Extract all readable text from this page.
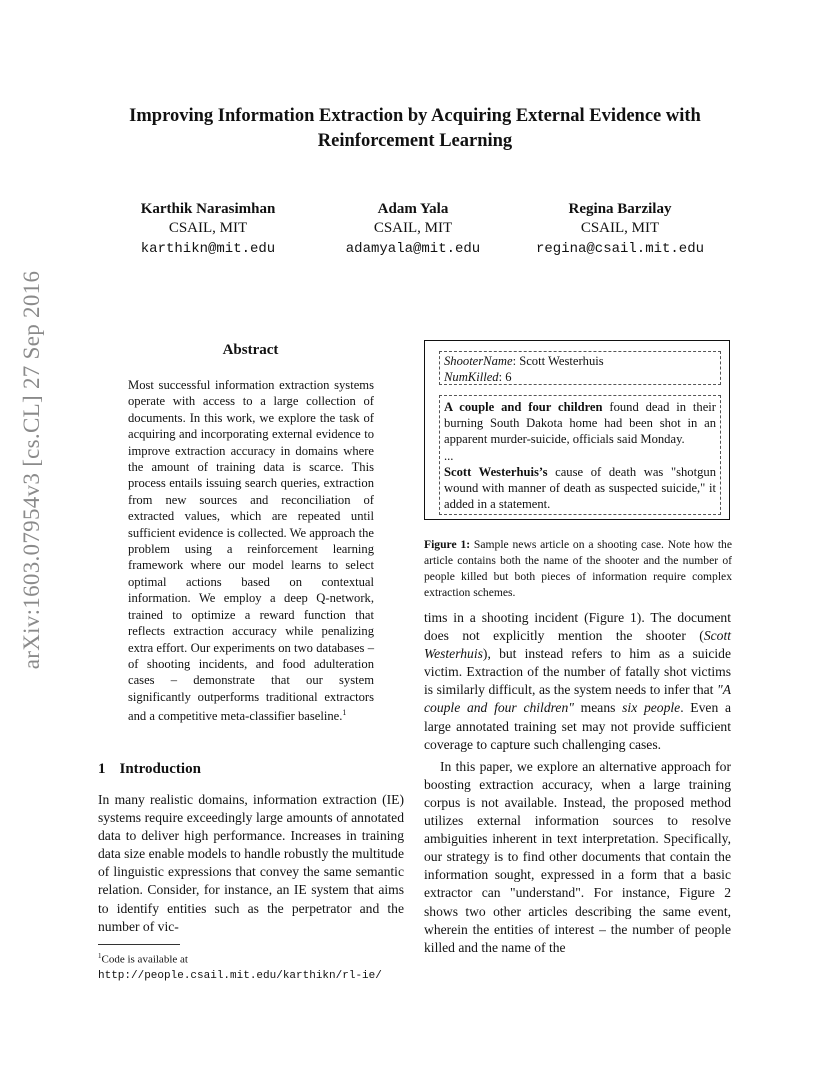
arXiv:1603.07954v3 [cs.CL] 27 Sep 2016
Improving Information Extraction by Acquiring External Evidence with Reinforcement Learning
Karthik Narasimhan
CSAIL, MIT
karthikn@mit.edu
Adam Yala
CSAIL, MIT
adamyala@mit.edu
Regina Barzilay
CSAIL, MIT
regina@csail.mit.edu
Abstract
Most successful information extraction systems operate with access to a large collection of documents. In this work, we explore the task of acquiring and incorporating external evidence to improve extraction accuracy in domains where the amount of training data is scarce. This process entails issuing search queries, extraction from new sources and reconciliation of extracted values, which are repeated until sufficient evidence is collected. We approach the problem using a reinforcement learning framework where our model learns to select optimal actions based on contextual information. We employ a deep Q-network, trained to optimize a reward function that reflects extraction accuracy while penalizing extra effort. Our experiments on two databases – of shooting incidents, and food adulteration cases – demonstrate that our system significantly outperforms traditional extractors and a competitive meta-classifier baseline.$^1$
1 Introduction
In many realistic domains, information extraction (IE) systems require exceedingly large amounts of annotated data to deliver high performance. Increases in training data size enable models to handle robustly the multitude of linguistic expressions that convey the same semantic relation. Consider, for instance, an IE system that aims to identify entities such as the perpetrator and the number of vic-
$^1$Code is available at http://people.csail.mit.edu/karthikn/rl-ie/
ShooterName: Scott Westerhuis
NumKilled: 6

A couple and four children found dead in their burning South Dakota home had been shot in an apparent murder-suicide, officials said Monday.

...

Scott Westerhuis’s cause of death was "shotgun wound with manner of death as suspected suicide," it added in a statement.

Figure 1: Sample news article on a shooting case. Note how the article contains both the name of the shooter and the number of people killed but both pieces of information require complex extraction schemes.

tims in a shooting incident (Figure 1). The document does not explicitly mention the shooter (Scott Westerhuis), but instead refers to him as a suicide victim. Extraction of the number of fatally shot victims is similarly difficult, as the system needs to infer that "A couple and four children" means six people. Even a large annotated training set may not provide sufficient coverage to capture such challenging cases.

In this paper, we explore an alternative approach for boosting extraction accuracy, when a large training corpus is not available. Instead, the proposed method utilizes external information sources to resolve ambiguities inherent in text interpretation. Specifically, our strategy is to find other documents that contain the information sought, expressed in a form that a basic extractor can "understand". For instance, Figure 2 shows two other articles describing the same event, wherein the entities of interest – the number of people killed and the name of the
